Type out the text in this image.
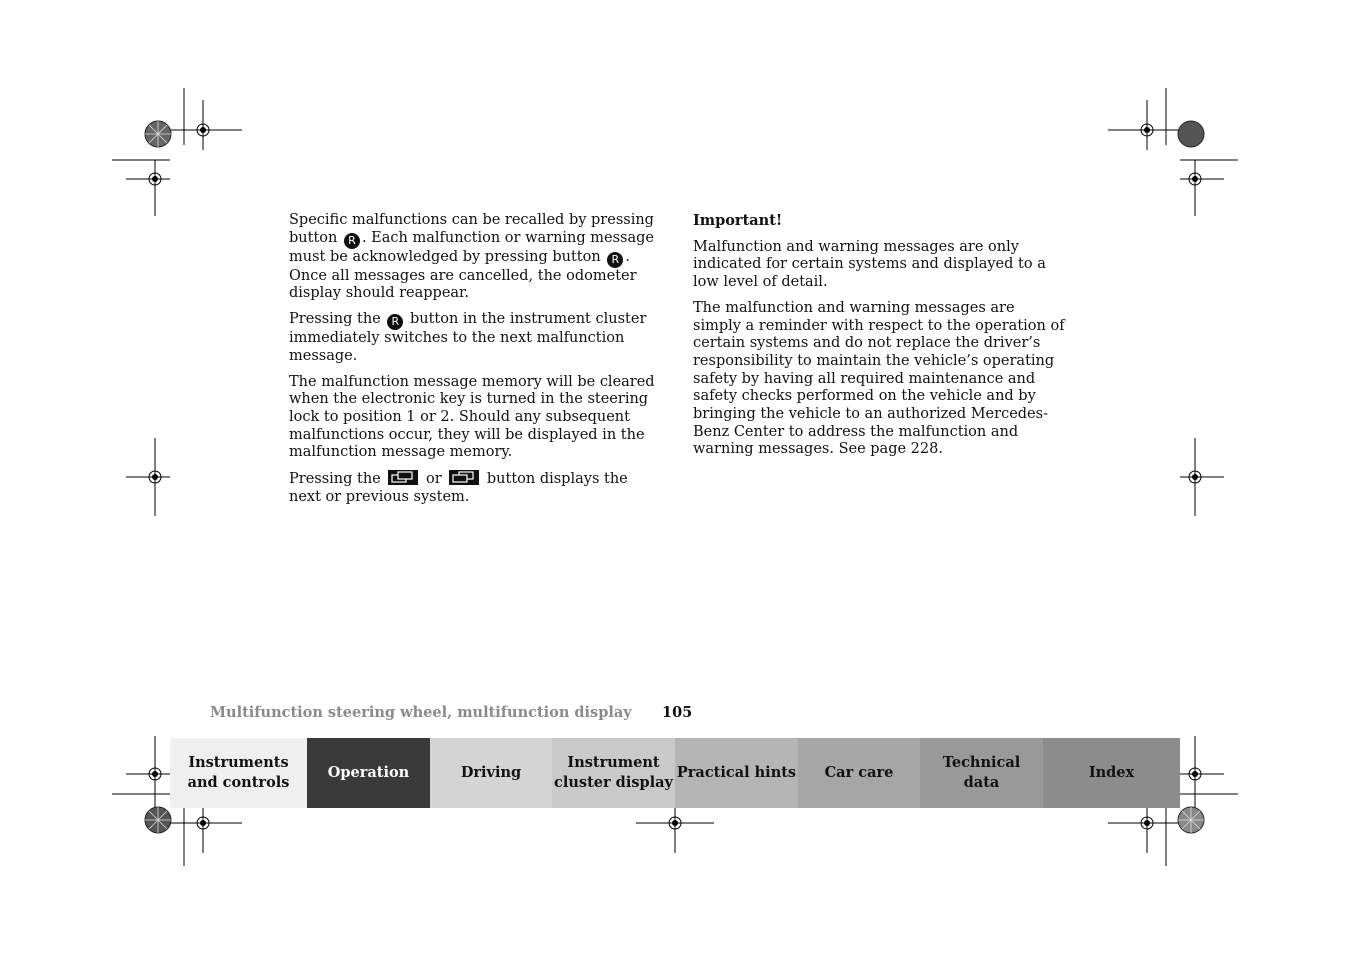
Specific malfunctions can be recalled by pressing button R . Each malfunction or warning message must be acknowledged by pressing button R . Once all messages are cancelled, the odometer display should reappear.

Pressing the R button in the instrument cluster immediately switches to the next malfunction message.

The malfunction message memory will be cleared when the electronic key is turned in the steering lock to position 1 or 2. Should any subsequent malfunctions occur, they will be displayed in the malfunction message memory.

Pressing the
or
button displays the next or previous system.

Important!

Malfunction and warning messages are only indicated for certain systems and displayed to a low level of detail.

The malfunction and warning messages are simply a reminder with respect to the operation of certain systems and do not replace the driver’s responsibility to maintain the vehicle’s operating safety by having all required maintenance and safety checks performed on the vehicle and by bringing the vehicle to an authorized Mercedes-Benz Center to address the malfunction and warning messages. See page 228.

Multifunction steering wheel, multifunction display 105
Instruments
and controls
Operation	Driving
Instrument
cluster display
Practical hints	Car care
Technical
data
Index
